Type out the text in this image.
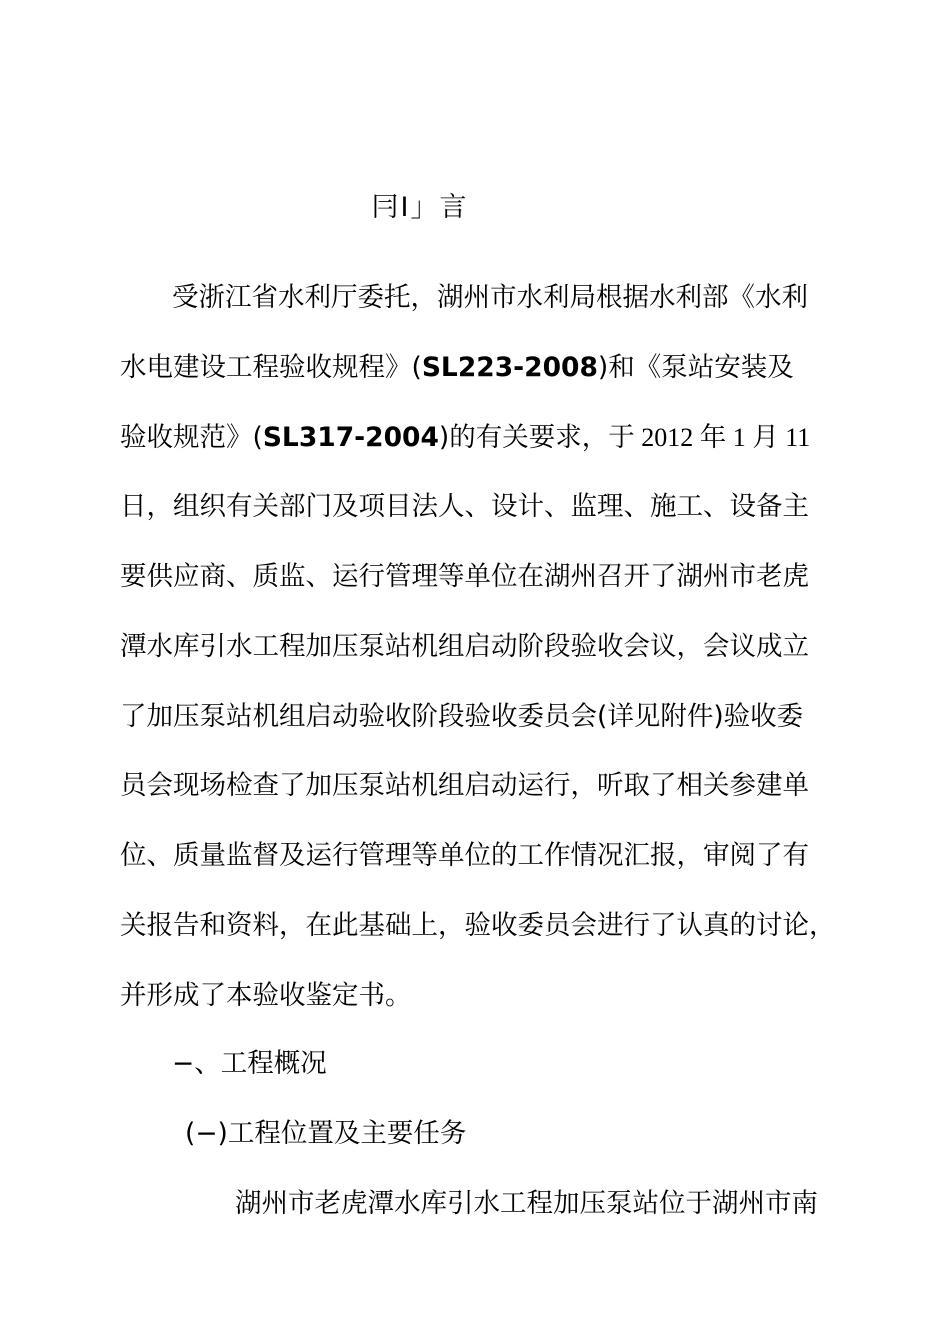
冃I」言
受浙江省水利厅委托，湖州市水利局根据水利部《水利
水电建设工程验收规程》(SL223-2008)和《泵站安装及
验收规范》(SL317-2004)的有关要求，于 2012 年 1 月 11
日，组织有关部门及项目法人、设计、监理、施工、设备主
要供应商、质监、运行管理等单位在湖州召开了湖州市老虎
潭水库引水工程加压泵站机组启动阶段验收会议，会议成立
了加压泵站机组启动验收阶段验收委员会(详见附件)验收委
员会现场检查了加压泵站机组启动运行，听取了相关参建单
位、质量监督及运行管理等单位的工作情况汇报，审阅了有
关报告和资料，在此基础上，验收委员会进行了认真的讨论，
并形成了本验收鉴定书。
−、工程概况
(−)工程位置及主要任务
湖州市老虎潭水库引水工程加压泵站位于湖州市南
